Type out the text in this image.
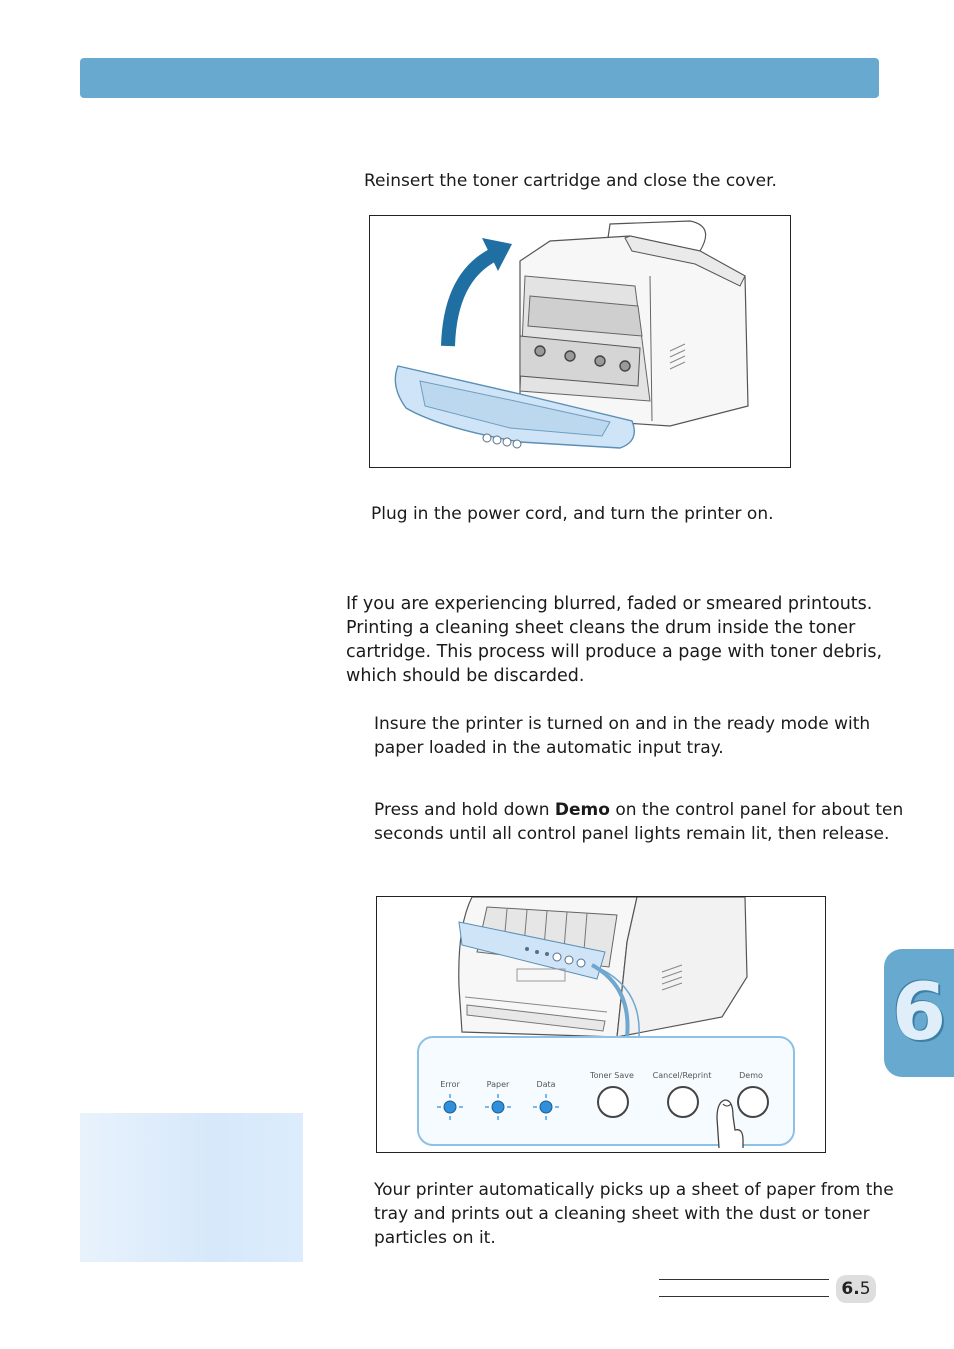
Reinsert the toner cartridge and close the cover.
Plug in the power cord, and turn the printer on.
If you are experiencing blurred, faded or smeared printouts.
Printing a cleaning sheet cleans the drum inside the toner
cartridge. This process will produce a page with toner debris,
which should be discarded.
Insure the printer is turned on and in the ready mode with
paper loaded in the automatic input tray.
Press and hold down Demo on the control panel for about ten
seconds until all control panel lights remain lit, then release.
Error	Paper	Data
Toner Save	Cancel/Reprint	Demo
Your printer automatically picks up a sheet of paper from the
tray and prints out a cleaning sheet with the dust or toner
particles on it.
6
6.5
